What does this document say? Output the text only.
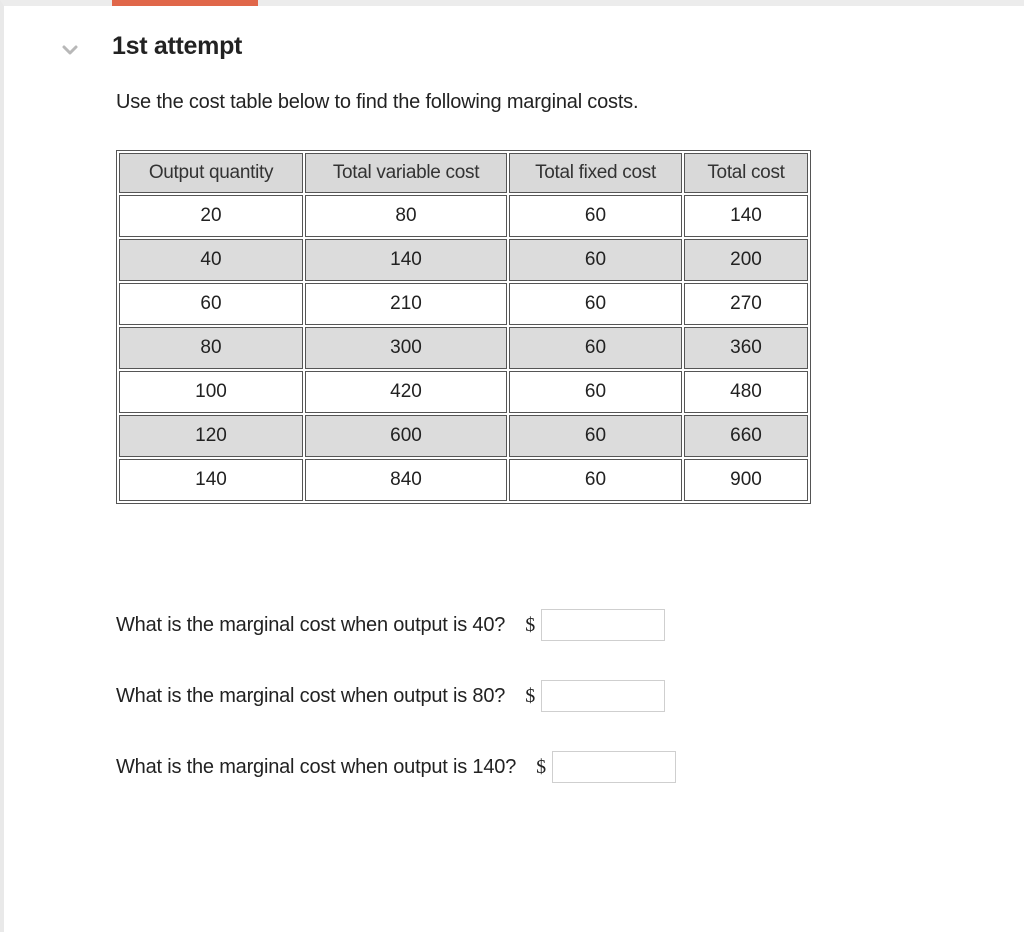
1st attempt
Use the cost table below to find the following marginal costs.
Output quantity	Total variable cost	Total fixed cost	Total cost
20	80	60	140
40	140	60	200
60	210	60	270
80	300	60	360
100	420	60	480
120	600	60	660
140	840	60	900
What is the marginal cost when output is 40? $
What is the marginal cost when output is 80? $
What is the marginal cost when output is 140? $
